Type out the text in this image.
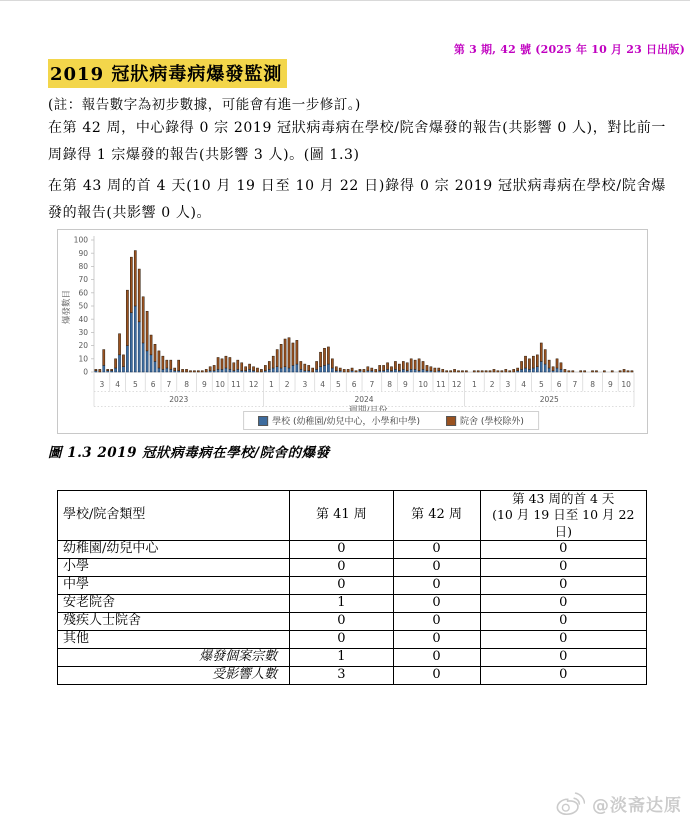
第 3 期, 42 號 (2025 年 10 月 23 日出版)
2019 冠狀病毒病爆發監測
(註：報告數字為初步數據，可能會有進一步修訂。)
在第 42 周，中心錄得 0 宗 2019 冠狀病毒病在學校/院舍爆發的報告(共影響 0 人)，對比前一周錄得 1 宗爆發的報告(共影響 3 人)。(圖 1.3)
在第 43 周的首 4 天(10 月 19 日至 10 月 22 日)錄得 0 宗 2019 冠狀病毒病在學校/院舍爆發的報告(共影響 0 人)。
0
10
20
30
40
50
60
70
80
90
100
爆發數目
3 4 5 6 7 8 9 10 11 12 1 2 3 4 5 6 7 8 9 10 11 12 1 2 3 4 5 6 7 8 9 10
2023	2024	2025
學校 (幼稚園/幼兒中心，小學和中學)	院舍 (學校除外)
圖 1.3 2019 冠狀病毒病在學校/院舍的爆發
學校/院舍類型	第 41 周	第 42 周	第 43 周的首 4 天
(10 月 19 日至 10 月 22 日)

幼稚園/幼兒中心	0	0	0
小學	0	0	0
中學	0	0	0
安老院舍	1	0	0
殘疾人士院舍	0	0	0
其他	0	0	0
爆發個案宗數	1	0	0
受影響人數	3	0	0
@淡斋达原
